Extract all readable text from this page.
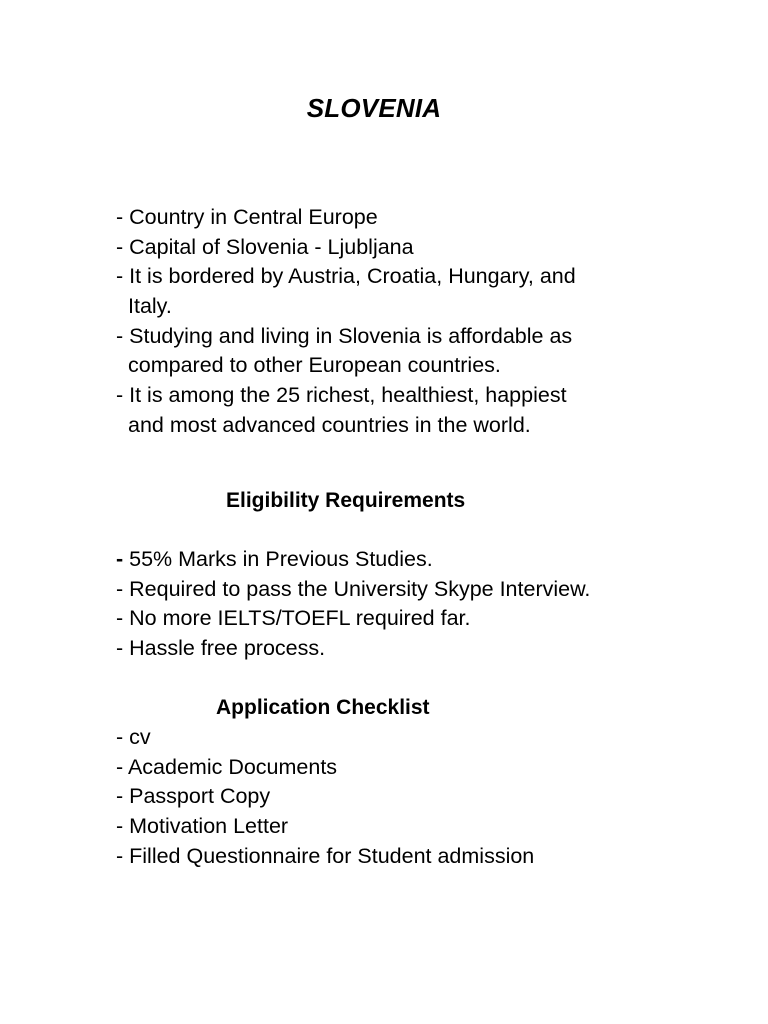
SLOVENIA
- Country in Central Europe
- Capital of Slovenia - Ljubljana
- It is bordered by Austria, Croatia, Hungary, and
Italy.
- Studying and living in Slovenia is affordable as
compared to other European countries.
- It is among the 25 richest, healthiest, happiest
and most advanced countries in the world.
Eligibility Requirements
- 55% Marks in Previous Studies.
- Required to pass the University Skype Interview.
- No more IELTS/TOEFL required far.
- Hassle free process.
Application Checklist
- cv
- Academic Documents
- Passport Copy
- Motivation Letter
- Filled Questionnaire for Student admission
